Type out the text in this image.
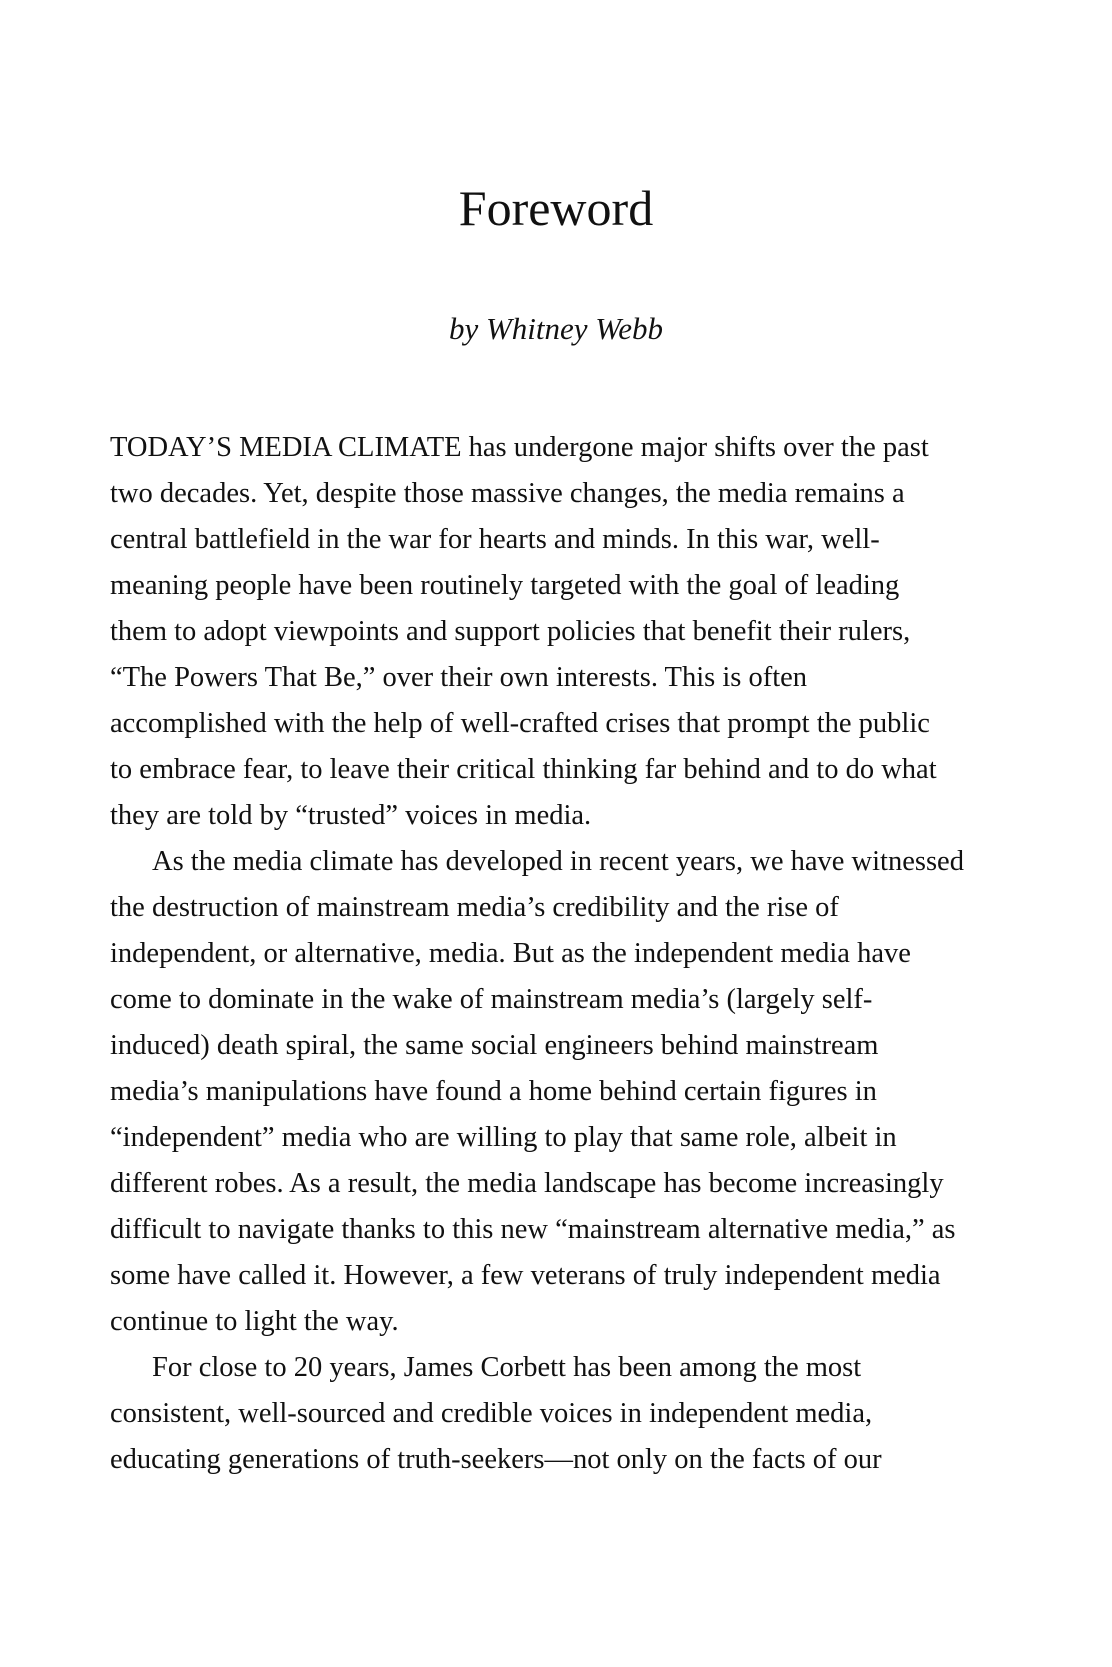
Foreword

by Whitney Webb

TODAY’S MEDIA CLIMATE has undergone major shifts over the past
two decades. Yet, despite those massive changes, the media remains a
central battlefield in the war for hearts and minds. In this war, well-
meaning people have been routinely targeted with the goal of leading
them to adopt viewpoints and support policies that benefit their rulers,
“The Powers That Be,” over their own interests. This is often
accomplished with the help of well-crafted crises that prompt the public
to embrace fear, to leave their critical thinking far behind and to do what
they are told by “trusted” voices in media.
As the media climate has developed in recent years, we have witnessed
the destruction of mainstream media’s credibility and the rise of
independent, or alternative, media. But as the independent media have
come to dominate in the wake of mainstream media’s (largely self-
induced) death spiral, the same social engineers behind mainstream
media’s manipulations have found a home behind certain figures in
“independent” media who are willing to play that same role, albeit in
different robes. As a result, the media landscape has become increasingly
difficult to navigate thanks to this new “mainstream alternative media,” as
some have called it. However, a few veterans of truly independent media
continue to light the way.
For close to 20 years, James Corbett has been among the most
consistent, well-sourced and credible voices in independent media,
educating generations of truth-seekers—not only on the facts of our
